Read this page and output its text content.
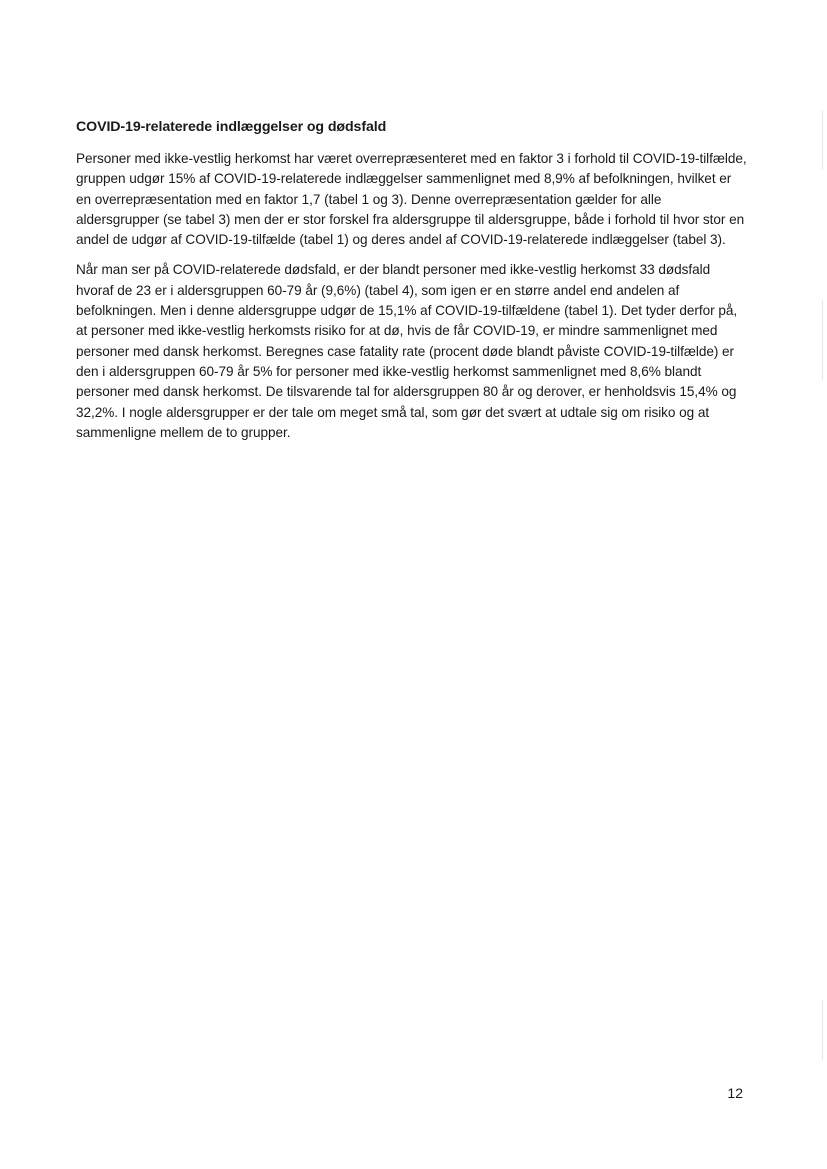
COVID-19-relaterede indlæggelser og dødsfald

Personer med ikke-vestlig herkomst har været overrepræsenteret med en faktor 3 i forhold til COVID-19-tilfælde, gruppen udgør 15% af COVID-19-relaterede indlæggelser sammenlignet med 8,9% af befolkningen, hvilket er en overrepræsentation med en faktor 1,7 (tabel 1 og 3). Denne overrepræsentation gælder for alle aldersgrupper (se tabel 3) men der er stor forskel fra aldersgruppe til aldersgruppe, både i forhold til hvor stor en andel de udgør af COVID-19-tilfælde (tabel 1) og deres andel af COVID-19-relaterede indlæggelser (tabel 3).

Når man ser på COVID-relaterede dødsfald, er der blandt personer med ikke-vestlig herkomst 33 dødsfald hvoraf de 23 er i aldersgruppen 60-79 år (9,6%) (tabel 4), som igen er en større andel end andelen af befolkningen. Men i denne aldersgruppe udgør de 15,1% af COVID-19-tilfældene (tabel 1). Det tyder derfor på, at personer med ikke-vestlig herkomsts risiko for at dø, hvis de får COVID-19, er mindre sammenlignet med personer med dansk herkomst. Beregnes case fatality rate (procent døde blandt påviste COVID-19-tilfælde) er den i aldersgruppen 60-79 år 5% for personer med ikke-vestlig herkomst sammenlignet med 8,6% blandt personer med dansk herkomst. De tilsvarende tal for aldersgruppen 80 år og derover, er henholdsvis 15,4% og 32,2%. I nogle aldersgrupper er der tale om meget små tal, som gør det svært at udtale sig om risiko og at sammenligne mellem de to grupper.

12
